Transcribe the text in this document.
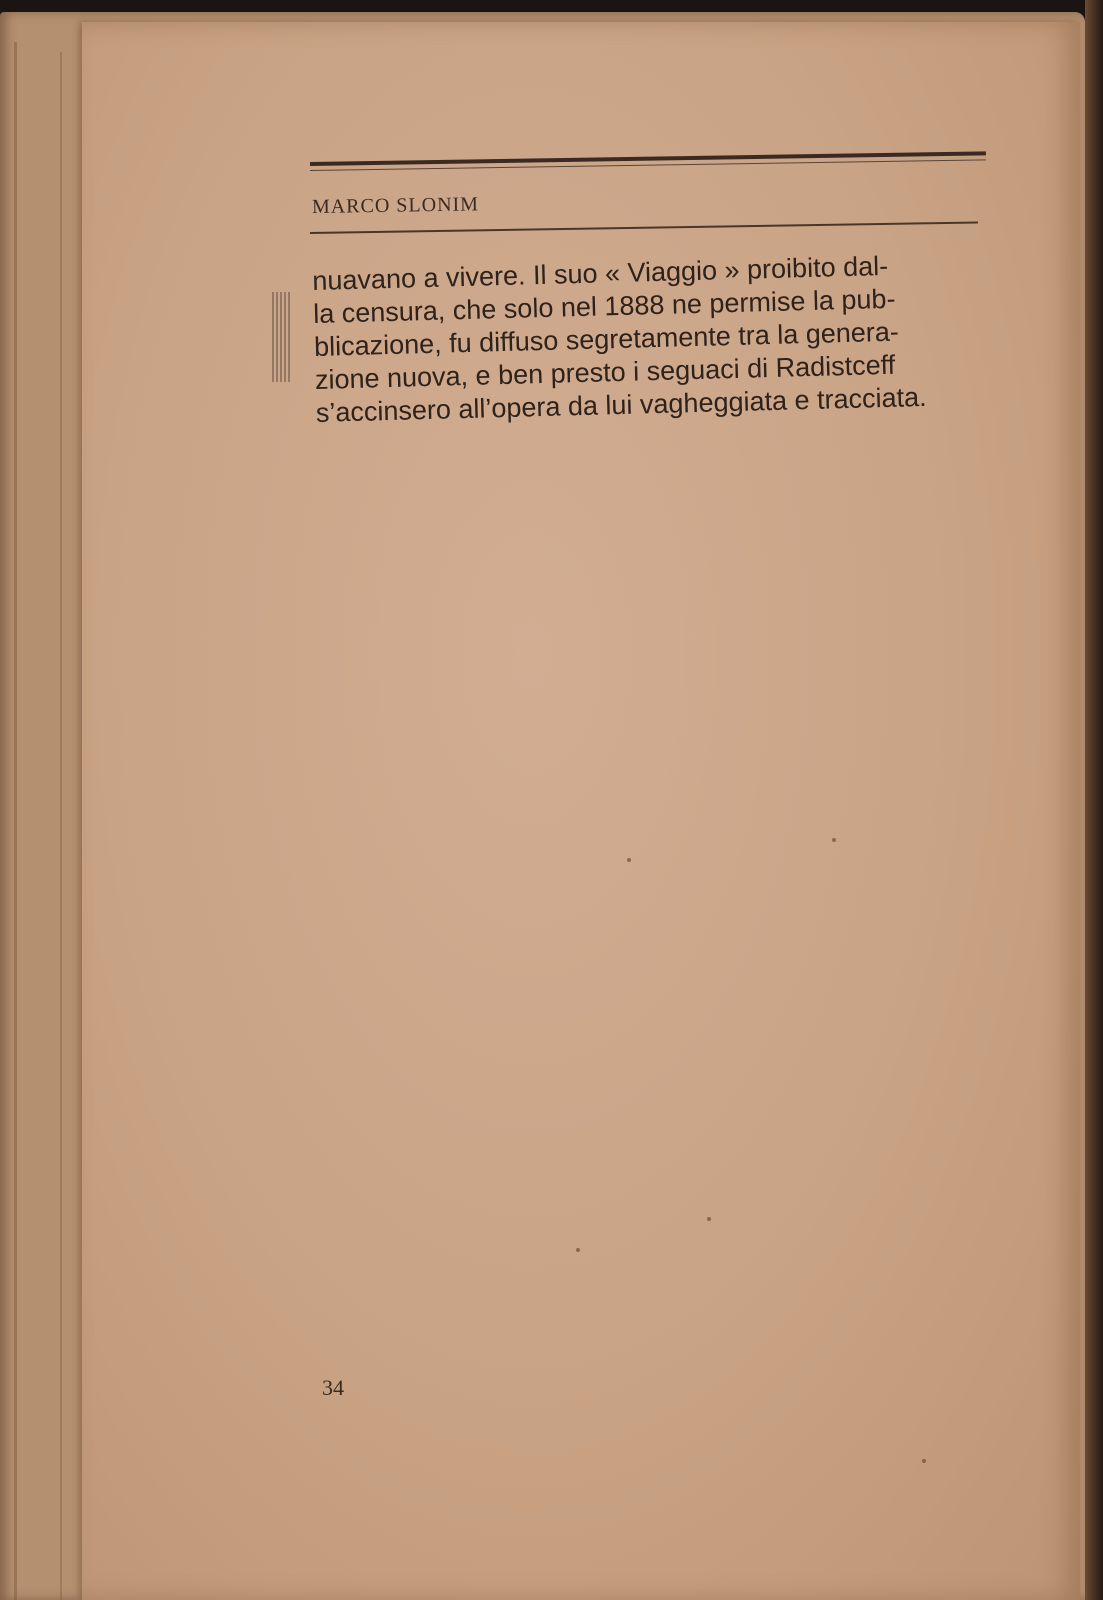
MARCO SLONIM
nuavano a vivere. Il suo « Viaggio » proibito dal-
la censura, che solo nel 1888 ne permise la pub-
blicazione, fu diffuso segretamente tra la genera-
zione nuova, e ben presto i seguaci di Radistceff
s’accinsero all’opera da lui vagheggiata e tracciata.
34
